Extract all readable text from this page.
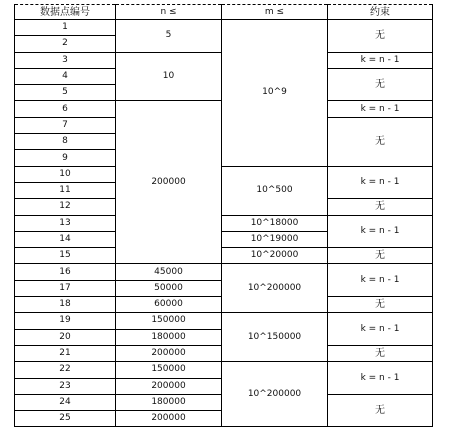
数据点编号	n ≤	m ≤	约束
1	5	10^9	无
2			
3	10		k = n - 1
4			无
5			
6	200000		k = n - 1
7			无
8			
9			
10		10^500	k = n - 1
11			
12			无
13		10^18000	k = n - 1
14		10^19000	
15		10^20000	无
16	45000	10^200000	k = n - 1
17	50000		
18	60000		无
19	150000	10^150000	k = n - 1
20	180000		
21	200000		无
22	150000	10^200000	k = n - 1
23	200000		
24	180000		无
25	200000		
